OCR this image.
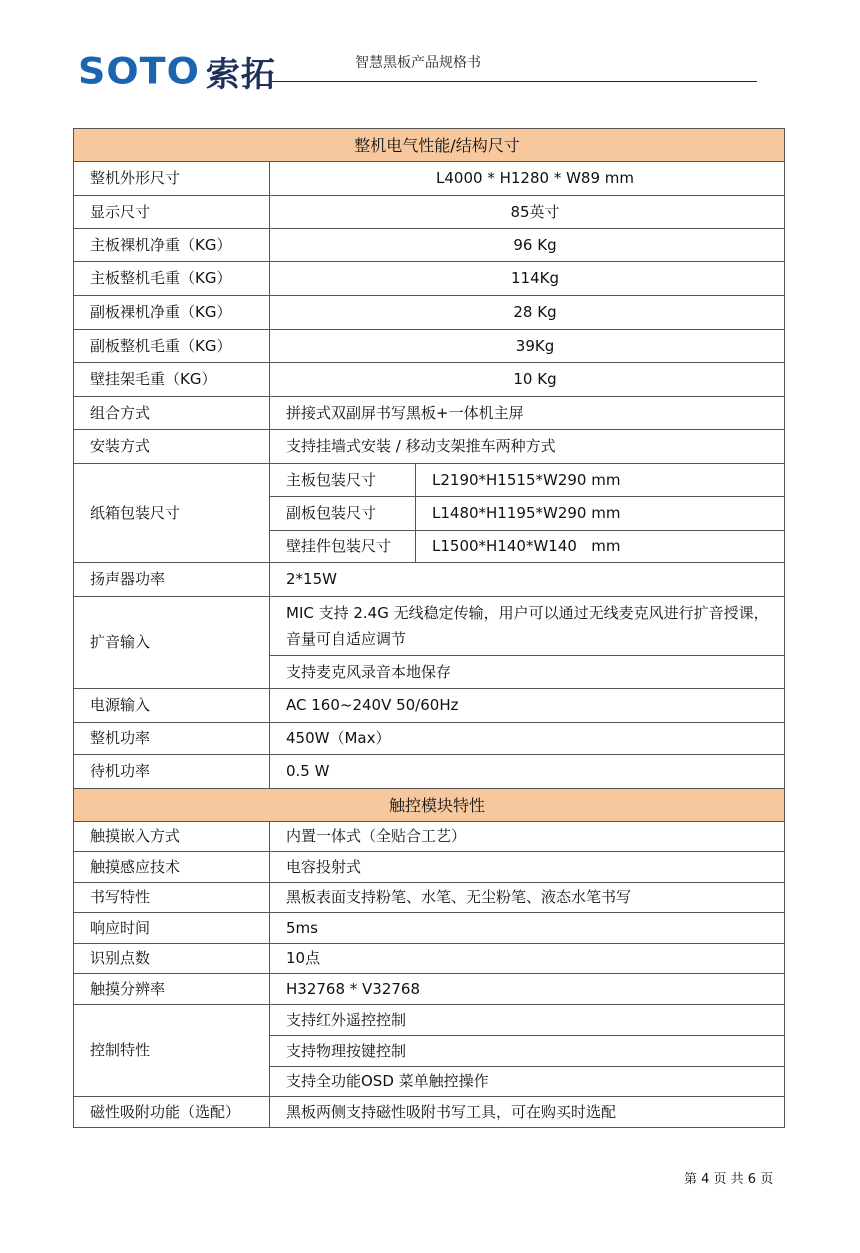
SOTO 索拓	智慧黑板产品规格书
整机电气性能/结构尺寸		
整机外形尺寸	L4000 * H1280 * W89 mm	
显示尺寸	85英寸	
主板裸机净重（KG）	96 Kg	
主板整机毛重（KG）	114Kg	
副板裸机净重（KG）	28 Kg	
副板整机毛重（KG）	39Kg	
壁挂架毛重（KG）	10 Kg	
组合方式	拼接式双副屏书写黑板+一体机主屏	
安装方式	支持挂墙式安装 / 移动支架推车两种方式	
纸箱包装尺寸	主板包装尺寸	L2190*H1515*W290 mm
	副板包装尺寸	L1480*H1195*W290 mm
	壁挂件包装尺寸	L1500*H140*W140   mm
扬声器功率	2*15W	
扩音输入	MIC 支持 2.4G 无线稳定传输，用户可以通过无线麦克风进行扩音授课，音量可自适应调节	
	支持麦克风录音本地保存	
电源输入	AC 160~240V 50/60Hz	
整机功率	450W（Max）	
待机功率	0.5 W	
触控模块特性		
触摸嵌入方式	内置一体式（全贴合工艺）	
触摸感应技术	电容投射式	
书写特性	黑板表面支持粉笔、水笔、无尘粉笔、液态水笔书写	
响应时间	5ms	
识别点数	10点	
触摸分辨率	H32768 * V32768	
控制特性	支持红外遥控控制	
	支持物理按键控制	
	支持全功能OSD 菜单触控操作	
磁性吸附功能（选配）	黑板两侧支持磁性吸附书写工具，可在购买时选配	
第 4 页 共 6 页
